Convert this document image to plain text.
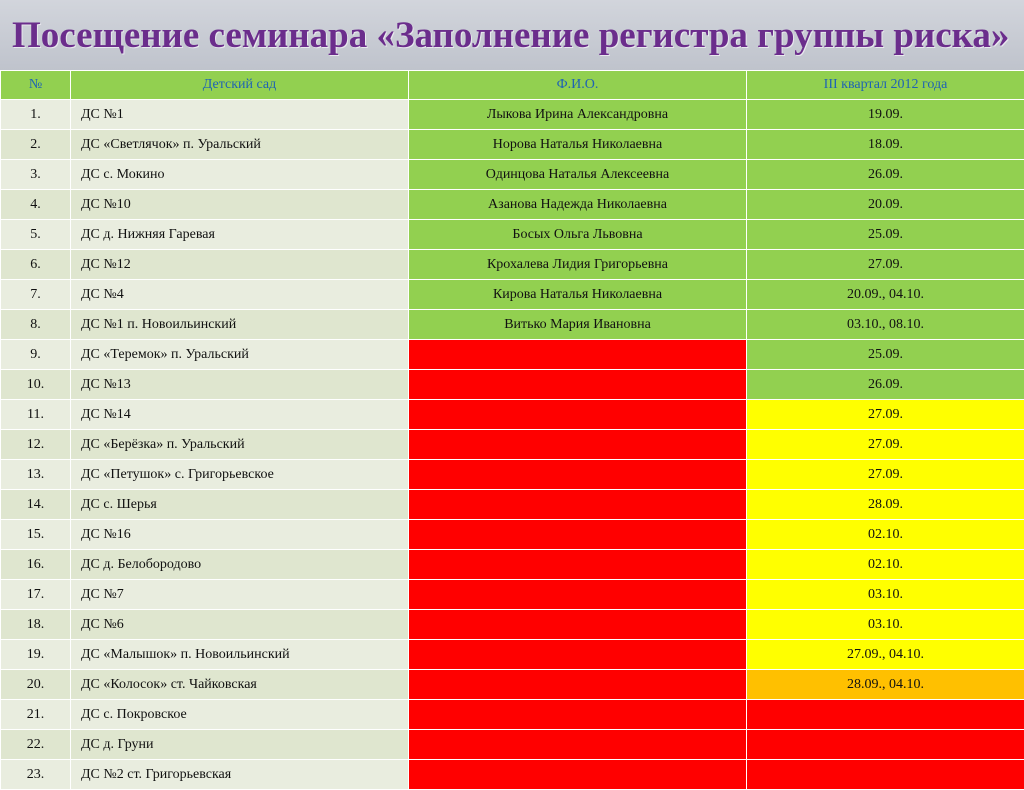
Посещение семинара «Заполнение регистра группы риска»
№	Детский сад	Ф.И.О.	III квартал 2012 года
1.	ДС №1	Лыкова Ирина Александровна	19.09.
2.	ДС «Светлячок» п. Уральский	Норова Наталья Николаевна	18.09.
3.	ДС с. Мокино	Одинцова Наталья Алексеевна	26.09.
4.	ДС №10	Азанова Надежда Николаевна	20.09.
5.	ДС д. Нижняя Гаревая	Босых Ольга Львовна	25.09.
6.	ДС №12	Крохалева Лидия Григорьевна	27.09.
7.	ДС №4	Кирова Наталья Николаевна	20.09., 04.10.
8.	ДС №1 п. Новоильинский	Витько Мария Ивановна	03.10., 08.10.
9.	ДС «Теремок» п. Уральский		25.09.
10.	ДС №13		26.09.
11.	ДС №14		27.09.
12.	ДС «Берёзка» п. Уральский		27.09.
13.	ДС «Петушок» с. Григорьевское		27.09.
14.	ДС с. Шерья		28.09.
15.	ДС №16		02.10.
16.	ДС д. Белобородово		02.10.
17.	ДС №7		03.10.
18.	ДС №6		03.10.
19.	ДС «Малышок» п. Новоильинский		27.09., 04.10.
20.	ДС «Колосок» ст. Чайковская		28.09., 04.10.
21.	ДС с. Покровское		
22.	ДС д. Груни		
23.	ДС №2 ст. Григорьевская		
